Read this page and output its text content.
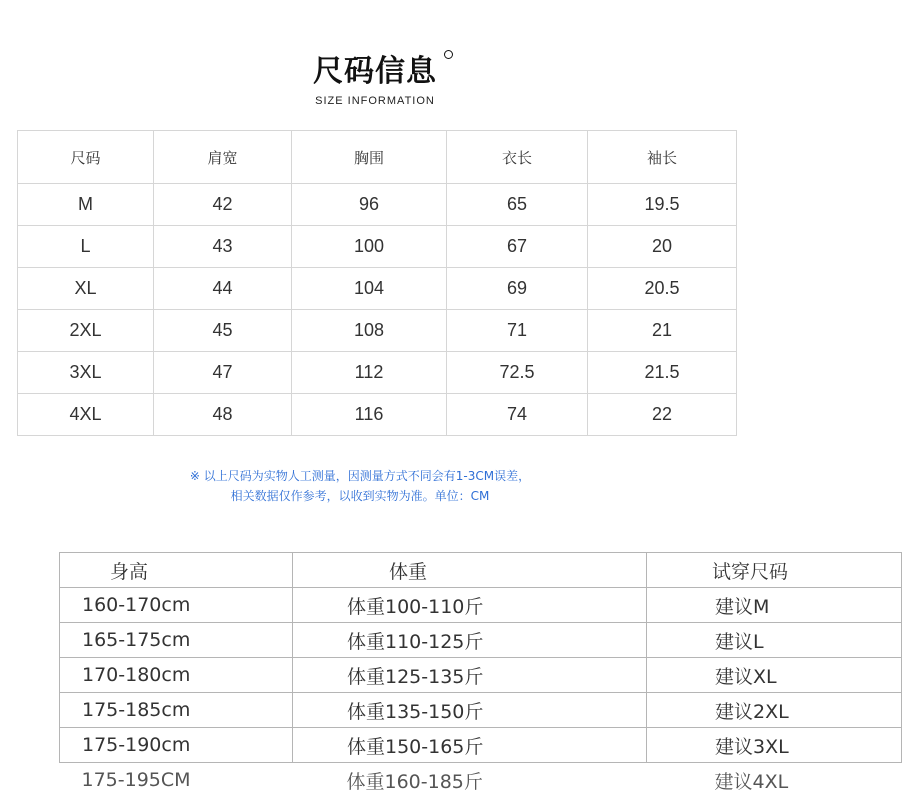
尺码信息
SIZE INFORMATION
尺码	肩宽	胸围	衣长	袖长
M	42	96	65	19.5
L	43	100	67	20
XL	44	104	69	20.5
2XL	45	108	71	21
3XL	47	112	72.5	21.5
4XL	48	116	74	22
※ 以上尺码为实物人工测量，因测量方式不同会有1-3CM误差，
相关数据仅作参考，以收到实物为准。单位：CM
身高	体重	试穿尺码
160-170cm	体重100-110斤	建议M
165-175cm	体重110-125斤	建议L
170-180cm	体重125-135斤	建议XL
175-185cm	体重135-150斤	建议2XL
175-190cm	体重150-165斤	建议3XL
175-195CM	体重160-185斤	建议4XL
